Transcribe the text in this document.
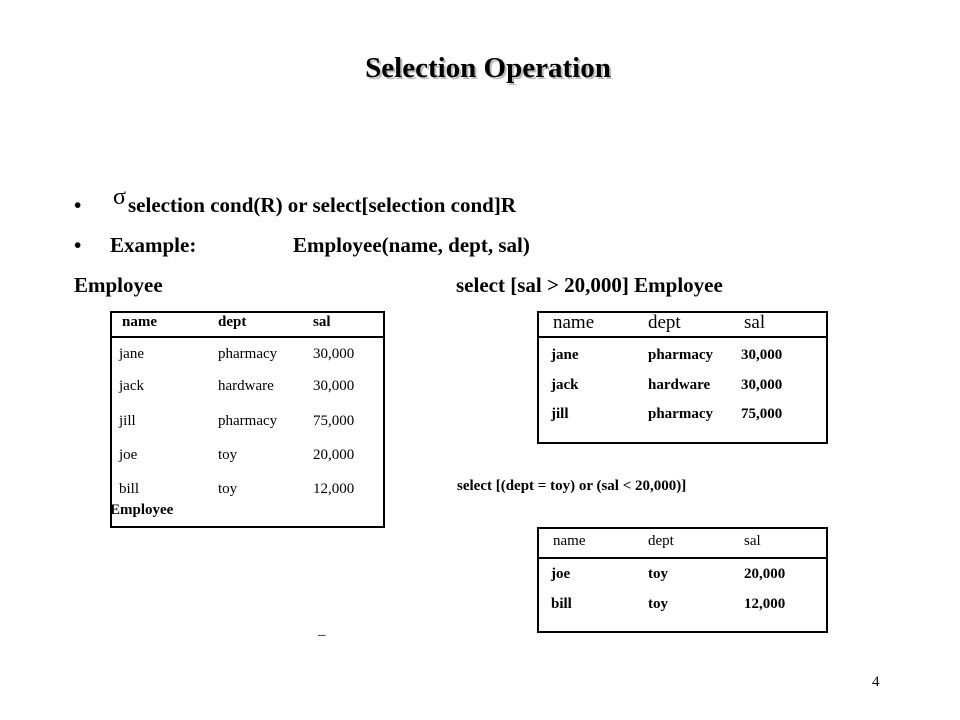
Selection Operation
• σ selection cond(R) or select[selection cond]R
• Example:	Employee(name, dept, sal)
Employee	select [sal > 20,000] Employee
name	dept	sal
jane	pharmacy 30,000
jack	hardware	30,000
jill	pharmacy 75,000
joe	toy	20,000
bill	toy	12,000
Employee
name	dept	sal
jane	pharmacy 30,000
jack	hardware 30,000
jill	pharmacy 75,000
select [(dept = toy) or (sal < 20,000)]
name	dept	sal
joe	toy	20,000
bill	toy	12,000
_
4
